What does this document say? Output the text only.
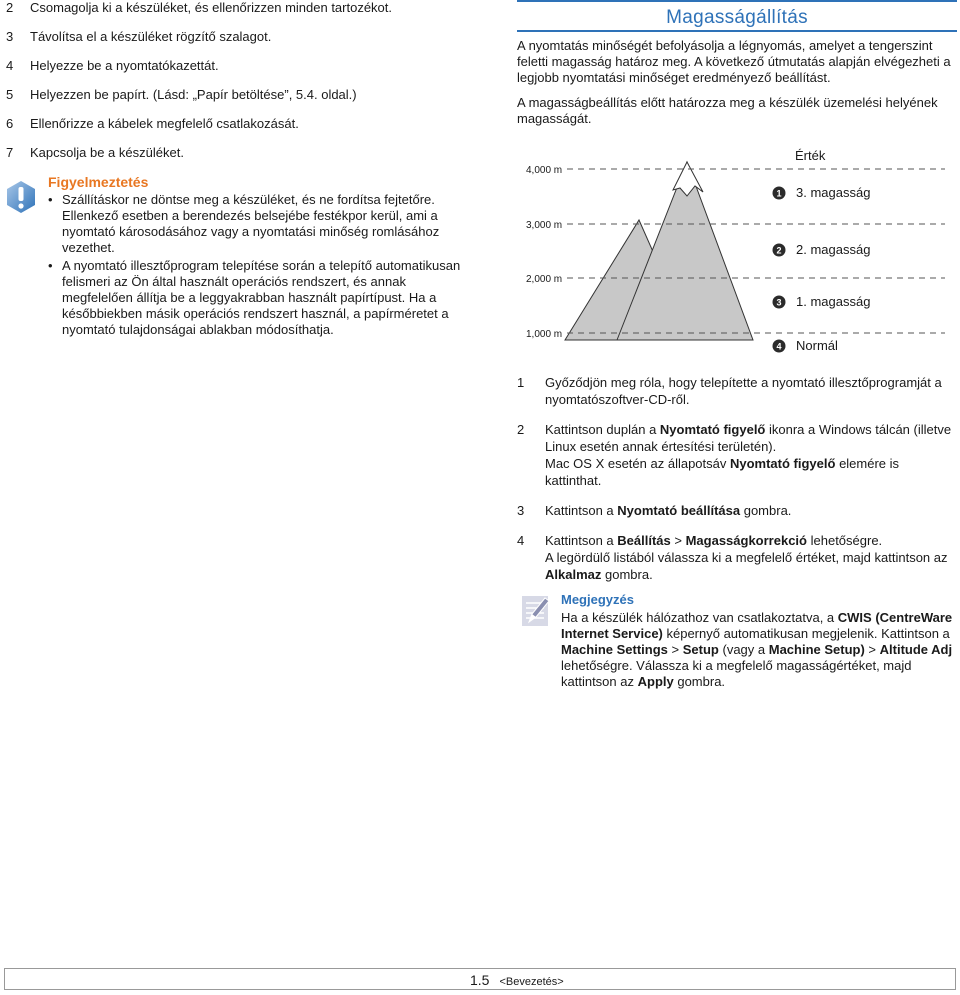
2	Csomagolja ki a készüléket, és ellenőrizzen minden tartozékot.
3	Távolítsa el a készüléket rögzítő szalagot.
4	Helyezze be a nyomtatókazettát.
5	Helyezzen be papírt. (Lásd: „Papír betöltése”, 5.4. oldal.)
6	Ellenőrizze a kábelek megfelelő csatlakozását.
7	Kapcsolja be a készüléket.
Figyelmeztetés
• Szállításkor ne döntse meg a készüléket, és ne fordítsa fejtetőre. Ellenkező esetben a berendezés belsejébe festékpor kerül, ami a nyomtató károsodásához vagy a nyomtatási minőség romlásához vezethet.
• A nyomtató illesztőprogram telepítése során a telepítő automatikusan felismeri az Ön által használt operációs rendszert, és annak megfelelően állítja be a leggyakrabban használt papírtípust. Ha a későbbiekben másik operációs rendszert használ, a papírméretet a nyomtató tulajdonságai ablakban módosíthatja.
Magasságállítás

A nyomtatás minőségét befolyásolja a légnyomás, amelyet a tengerszint feletti magasság határoz meg. A következő útmutatás alapján elvégezheti a legjobb nyomtatási minőséget eredményező beállítást.

A magasságbeállítás előtt határozza meg a készülék üzemelési helyének magasságát.

4,000 m
3,000 m
2,000 m
1,000 m
Érték
1 3. magasság
2 2. magasság
3 1. magasság
4 Normál
1	Győződjön meg róla, hogy telepítette a nyomtató illesztőprogramját a nyomtatószoftver-CD-ről.
2	Kattintson duplán a Nyomtató figyelő ikonra a Windows tálcán (illetve Linux esetén annak értesítési területén).
Mac OS X esetén az állapotsáv Nyomtató figyelő elemére is kattinthat.
3	Kattintson a Nyomtató beállítása gombra.
4	Kattintson a Beállítás > Magasságkorrekció lehetőségre.
A legördülő listából válassza ki a megfelelő értéket, majd kattintson az Alkalmaz gombra.
Megjegyzés
Ha a készülék hálózathoz van csatlakoztatva, a CWIS (CentreWare Internet Service) képernyő automatikusan megjelenik. Kattintson a Machine Settings > Setup (vagy a Machine Setup) > Altitude Adj lehetőségre. Válassza ki a megfelelő magasságértéket, majd kattintson az Apply gombra.
1.5 <Bevezetés>
